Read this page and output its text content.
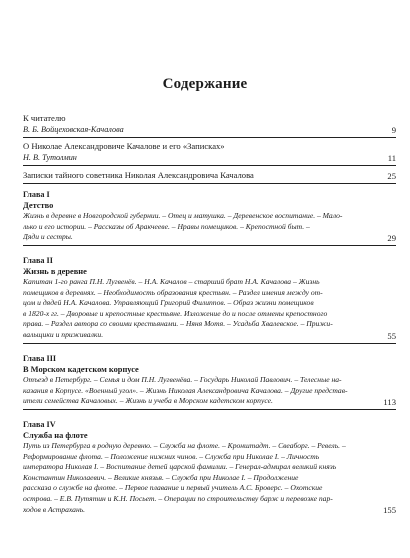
Содержание
К читателю
В. Б. Войцеховская-Качалова	9
О Николае Александровиче Качалове и его «Записках»
Н. В. Тутолмин	11
Записки тайного советника Николая Александровича Качалова	25
Глава I
Детство
Жизнь в деревне в Новгородской губернии. – Отец и матушка. – Деревенское воспитание. – Мало-
лько и его истории. – Рассказы об Аракчееве. – Нравы помещиков. – Крепостной быт. –
Дяди и сестры.	29
Глава II
Жизнь в деревне
Капитан 1-го ранга П.Н. Лугвенёв. – Н.А. Качалов – старший брат Н.А. Качалова – Жизнь
помещиков в деревнях. – Необходимость образования крестьян. – Раздел имения между от-
цом и дядей Н.А. Качалова. Управляющий Григорий Филиппов. – Образ жизни помещиков
в 1820-х гг. – Дворовые и крепостные крестьяне. Изложение до и после отмены крепостного
права. – Раздел автора со своими крестьянами. – Няня Мотя. – Усадьба Хвалевское. – Прижи-
вальщики и приживалки.	55
Глава III
В Морском кадетском корпусе
Отъезд в Петербург. – Семья и дом П.Н. Лугвенёва. – Государь Николай Павлович. – Телесные на-
казания в Корпусе. «Военный угол». – Жизнь Николая Александровича Качалова. – Другие представ-
ители семейства Качаловых. – Жизнь и учеба в Морском кадетском корпусе.	113
Глава IV
Служба на флоте
Путь из Петербурга в родную деревню. – Служба на флоте. – Кронштадт. – Свеаборг. – Ревель. –
Реформирование флота. – Положение нижних чинов. – Служба при Николае I. – Личность
императора Николая I. – Воспитание детей царской фамилии. – Генерал-адмирал великий князь
Константин Николаевич. – Великие князья. – Служба при Николае I. – Продолжение
рассказа о службе на флоте. – Первое плавание и первый учитель А.С. Броверс. – Охотские
острова. – Е.В. Путятин и К.Н. Посьет. – Операции по строительству барж и перевозке пар-
ходов в Астрахань.	155
